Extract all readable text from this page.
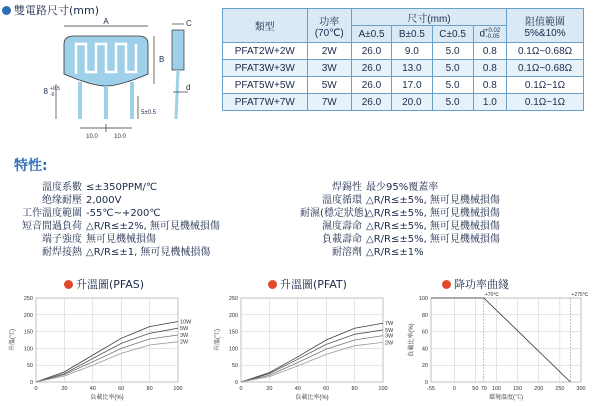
雙電路尺寸(mm)
A
B
8 +0.5
-0
10.0	10.0
5±0.5
C
d
類型	功率
(70℃)	尺寸(mm)				阻值範圍
5%&10%
		A±0.5	B±0.5	C±0.5	d+0.02
-0.05	
PFAT2W+2W	2W	26.0	9.0	5.0	0.8	0.1Ω~0.68Ω
PFAT3W+3W	3W	26.0	13.0	5.0	0.8	0.1Ω~0.68Ω
PFAT5W+5W	5W	26.0	17.0	5.0	0.8	0.1Ω~1Ω
PFAT7W+7W	7W	26.0	20.0	5.0	1.0	0.1Ω~1Ω
特性:
溫度系數 ≤±350PPM/℃
绝缘耐壓 2,000V
工作溫度範圍 -55℃~+200℃
短音間過負荷 △R/R≤±2%, 無可見機械損傷
端子強度 無可見機械損傷
耐焊接熱 △R/R≤±1, 無可見機械損傷
焊錫性 最少95%覆蓋率
溫度循環 △R/R≤±5%, 無可見機械損傷
耐濕(穩定狀態)△R/R≤±5%, 無可見機械損傷
濕度壽命 △R/R≤±5%, 無可見機械損傷
負載壽命 △R/R≤±5%, 無可見機械損傷
耐溶劑 △R/R≤±1%
升溫圖(PFAS)	升溫圖(PFAT)	降功率曲綫
0	20	40	60	80	100
0
50
100
150
200
250
負載比率(%)
升溫(℃)
10W
5W
3W
2W
0	20	40	60	80	100
0
50
100
150
200
250
負載比率(%)
升溫(℃)
7W
5W
3W
2W
-55	0	50 70 100 150 200 250 300
0
20
40
60
80
100
環境溫度(℃)
負載比率(%)
+70℃	+275℃
